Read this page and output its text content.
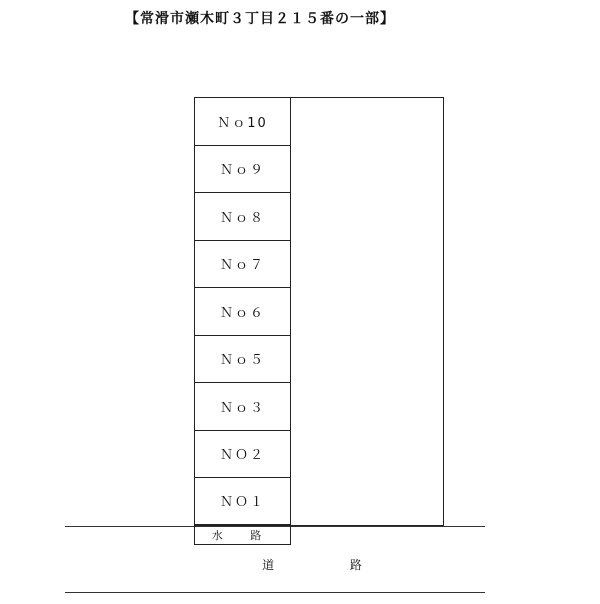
【常滑市瀬木町３丁目２１５番の一部】
Ｎｏ10
Ｎｏ９
Ｎｏ８
Ｎｏ７
Ｎｏ６
Ｎｏ５
Ｎｏ３
ＮＯ２
ＮＯ１
水 路
道 路
